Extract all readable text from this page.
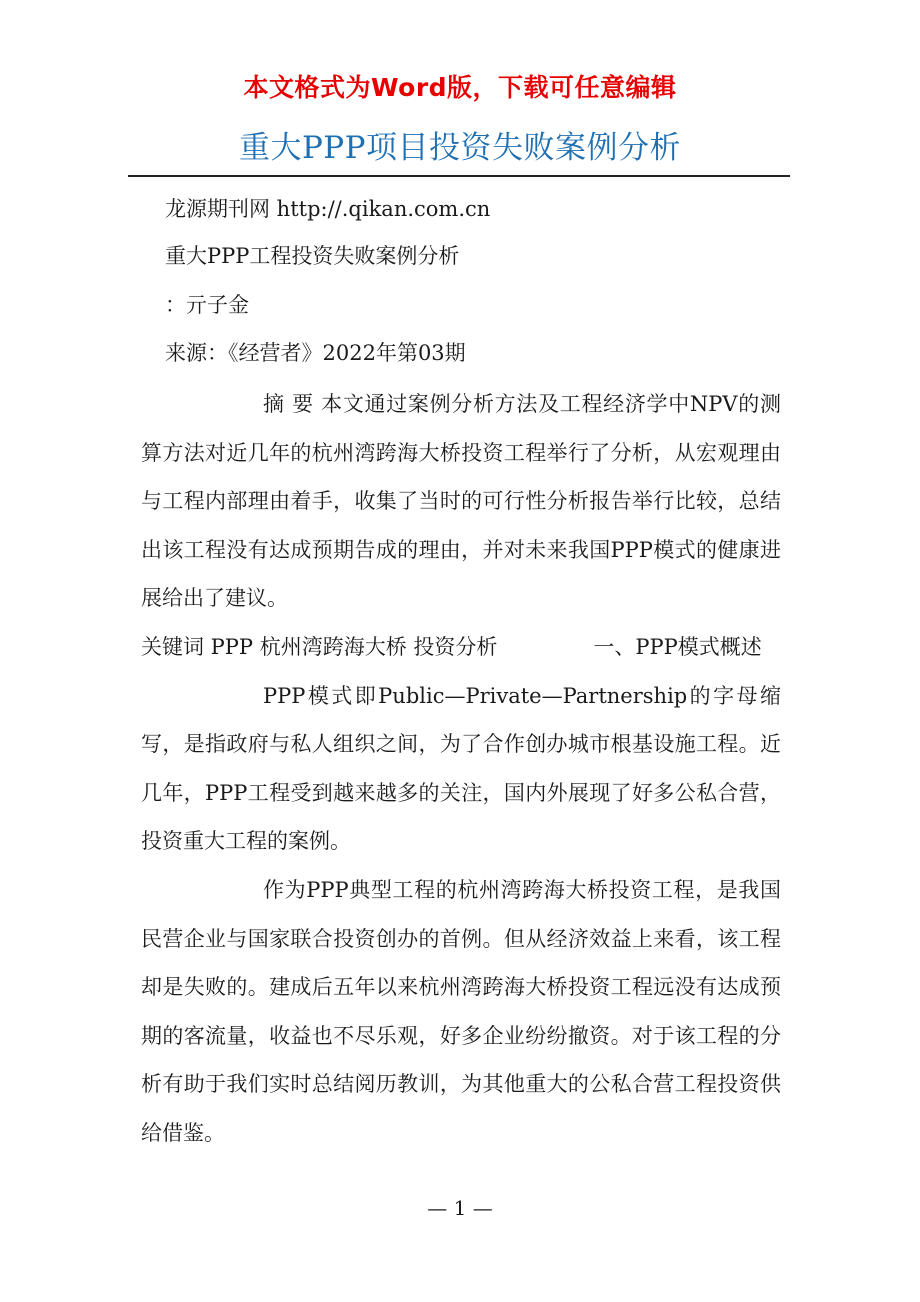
本文格式为Word版，下载可任意编辑
重大PPP项目投资失败案例分析
龙源期刊网 http://.qikan.com.cn
重大PPP工程投资失败案例分析
：亓子金
来源：《经营者》2022年第03期

摘 要 本文通过案例分析方法及工程经济学中NPV的测算方法对近几年的杭州湾跨海大桥投资工程举行了分析，从宏观理由与工程内部理由着手，收集了当时的可行性分析报告举行比较，总结出该工程没有达成预期告成的理由，并对未来我国PPP模式的健康进展给出了建议。

关键词 PPP 杭州湾跨海大桥 投资分析	一、PPP模式概述

PPP模式即Public—Private—Partnership的字母缩写，是指政府与私人组织之间，为了合作创办城市根基设施工程。近几年，PPP工程受到越来越多的关注，国内外展现了好多公私合营，投资重大工程的案例。

作为PPP典型工程的杭州湾跨海大桥投资工程，是我国民营企业与国家联合投资创办的首例。但从经济效益上来看，该工程却是失败的。建成后五年以来杭州湾跨海大桥投资工程远没有达成预期的客流量，收益也不尽乐观，好多企业纷纷撤资。对于该工程的分析有助于我们实时总结阅历教训，为其他重大的公私合营工程投资供给借鉴。

— 1 —
